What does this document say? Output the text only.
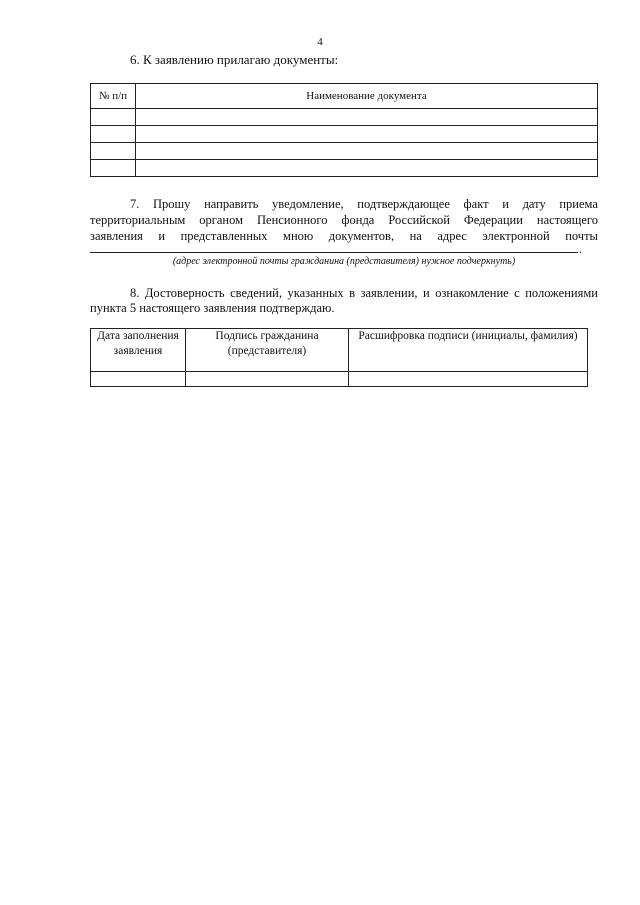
4
6. К заявлению прилагаю документы:
№ п/п	Наименование документа

7. Прошу направить уведомление, подтверждающее факт и дату приема
территориальным органом Пенсионного фонда Российской Федерации настоящего
заявления и представленных мною документов, на адрес электронной почты
.
(адрес электронной почты гражданина (представителя) нужное подчеркнуть)
8. Достоверность сведений, указанных в заявлении, и ознакомление с положениями
пункта 5 настоящего заявления подтверждаю.
Дата заполнения заявления	Подпись гражданина (представителя)	Расшифровка подписи (инициалы, фамилия)
